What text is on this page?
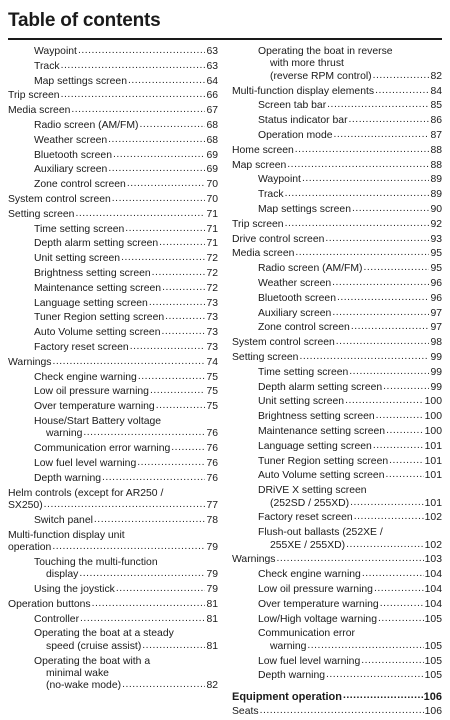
Table of contents
Waypoint .....	63
Track .....	63
Map settings screen .....	64
Trip screen .....	66
Media screen .....	67
Radio screen (AM/FM) .....	68
Weather screen .....	68
Bluetooth screen .....	69
Auxiliary screen .....	69
Zone control screen .....	70
System control screen .....	70
Setting screen .....	71
Time setting screen .....	71
Depth alarm setting screen .....	71
Unit setting screen .....	72
Brightness setting screen .....	72
Maintenance setting screen .....	72
Language setting screen .....	73
Tuner Region setting screen .....	73
Auto Volume setting screen .....	73
Factory reset screen .....	73
Warnings .....	74
Check engine warning .....	75
Low oil pressure warning .....	75
Over temperature warning .....	75
House/Start Battery voltage
warning .....	76
Communication error warning .....	76
Low fuel level warning .....	76
Depth warning .....	76
Helm controls (except for AR250 /
SX250) .....	77
Switch panel .....	78
Multi-function display unit
operation .....	79
Touching the multi-function
display .....	79
Using the joystick .....	79
Operation buttons .....	81
Controller .....	81
Operating the boat at a steady
speed (cruise assist) .....	81
Operating the boat with a
minimal wake
(no-wake mode) .....	82
Operating the boat in reverse
with more thrust
(reverse RPM control) .....	82
Multi-function display elements .....	84
Screen tab bar .....	85
Status indicator bar .....	86
Operation mode .....	87
Home screen .....	88
Map screen .....	88
Waypoint .....	89
Track .....	89
Map settings screen .....	90
Trip screen .....	92
Drive control screen .....	93
Media screen .....	95
Radio screen (AM/FM) .....	95
Weather screen .....	96
Bluetooth screen .....	96
Auxiliary screen .....	97
Zone control screen .....	97
System control screen .....	98
Setting screen .....	99
Time setting screen .....	99
Depth alarm setting screen .....	99
Unit setting screen .....	100
Brightness setting screen .....	100
Maintenance setting screen .....	100
Language setting screen .....	101
Tuner Region setting screen .....	101
Auto Volume setting screen .....	101
DRiVE X setting screen
(252SD / 255XD) .....	101
Factory reset screen .....	102
Flush-out ballasts (252XE /
255XE / 255XD) .....	102
Warnings .....	103
Check engine warning .....	104
Low oil pressure warning .....	104
Over temperature warning .....	104
Low/High voltage warning .....	105
Communication error
warning .....	105
Low fuel level warning .....	105
Depth warning .....	105
Equipment operation .....	106
Seats .....	106
